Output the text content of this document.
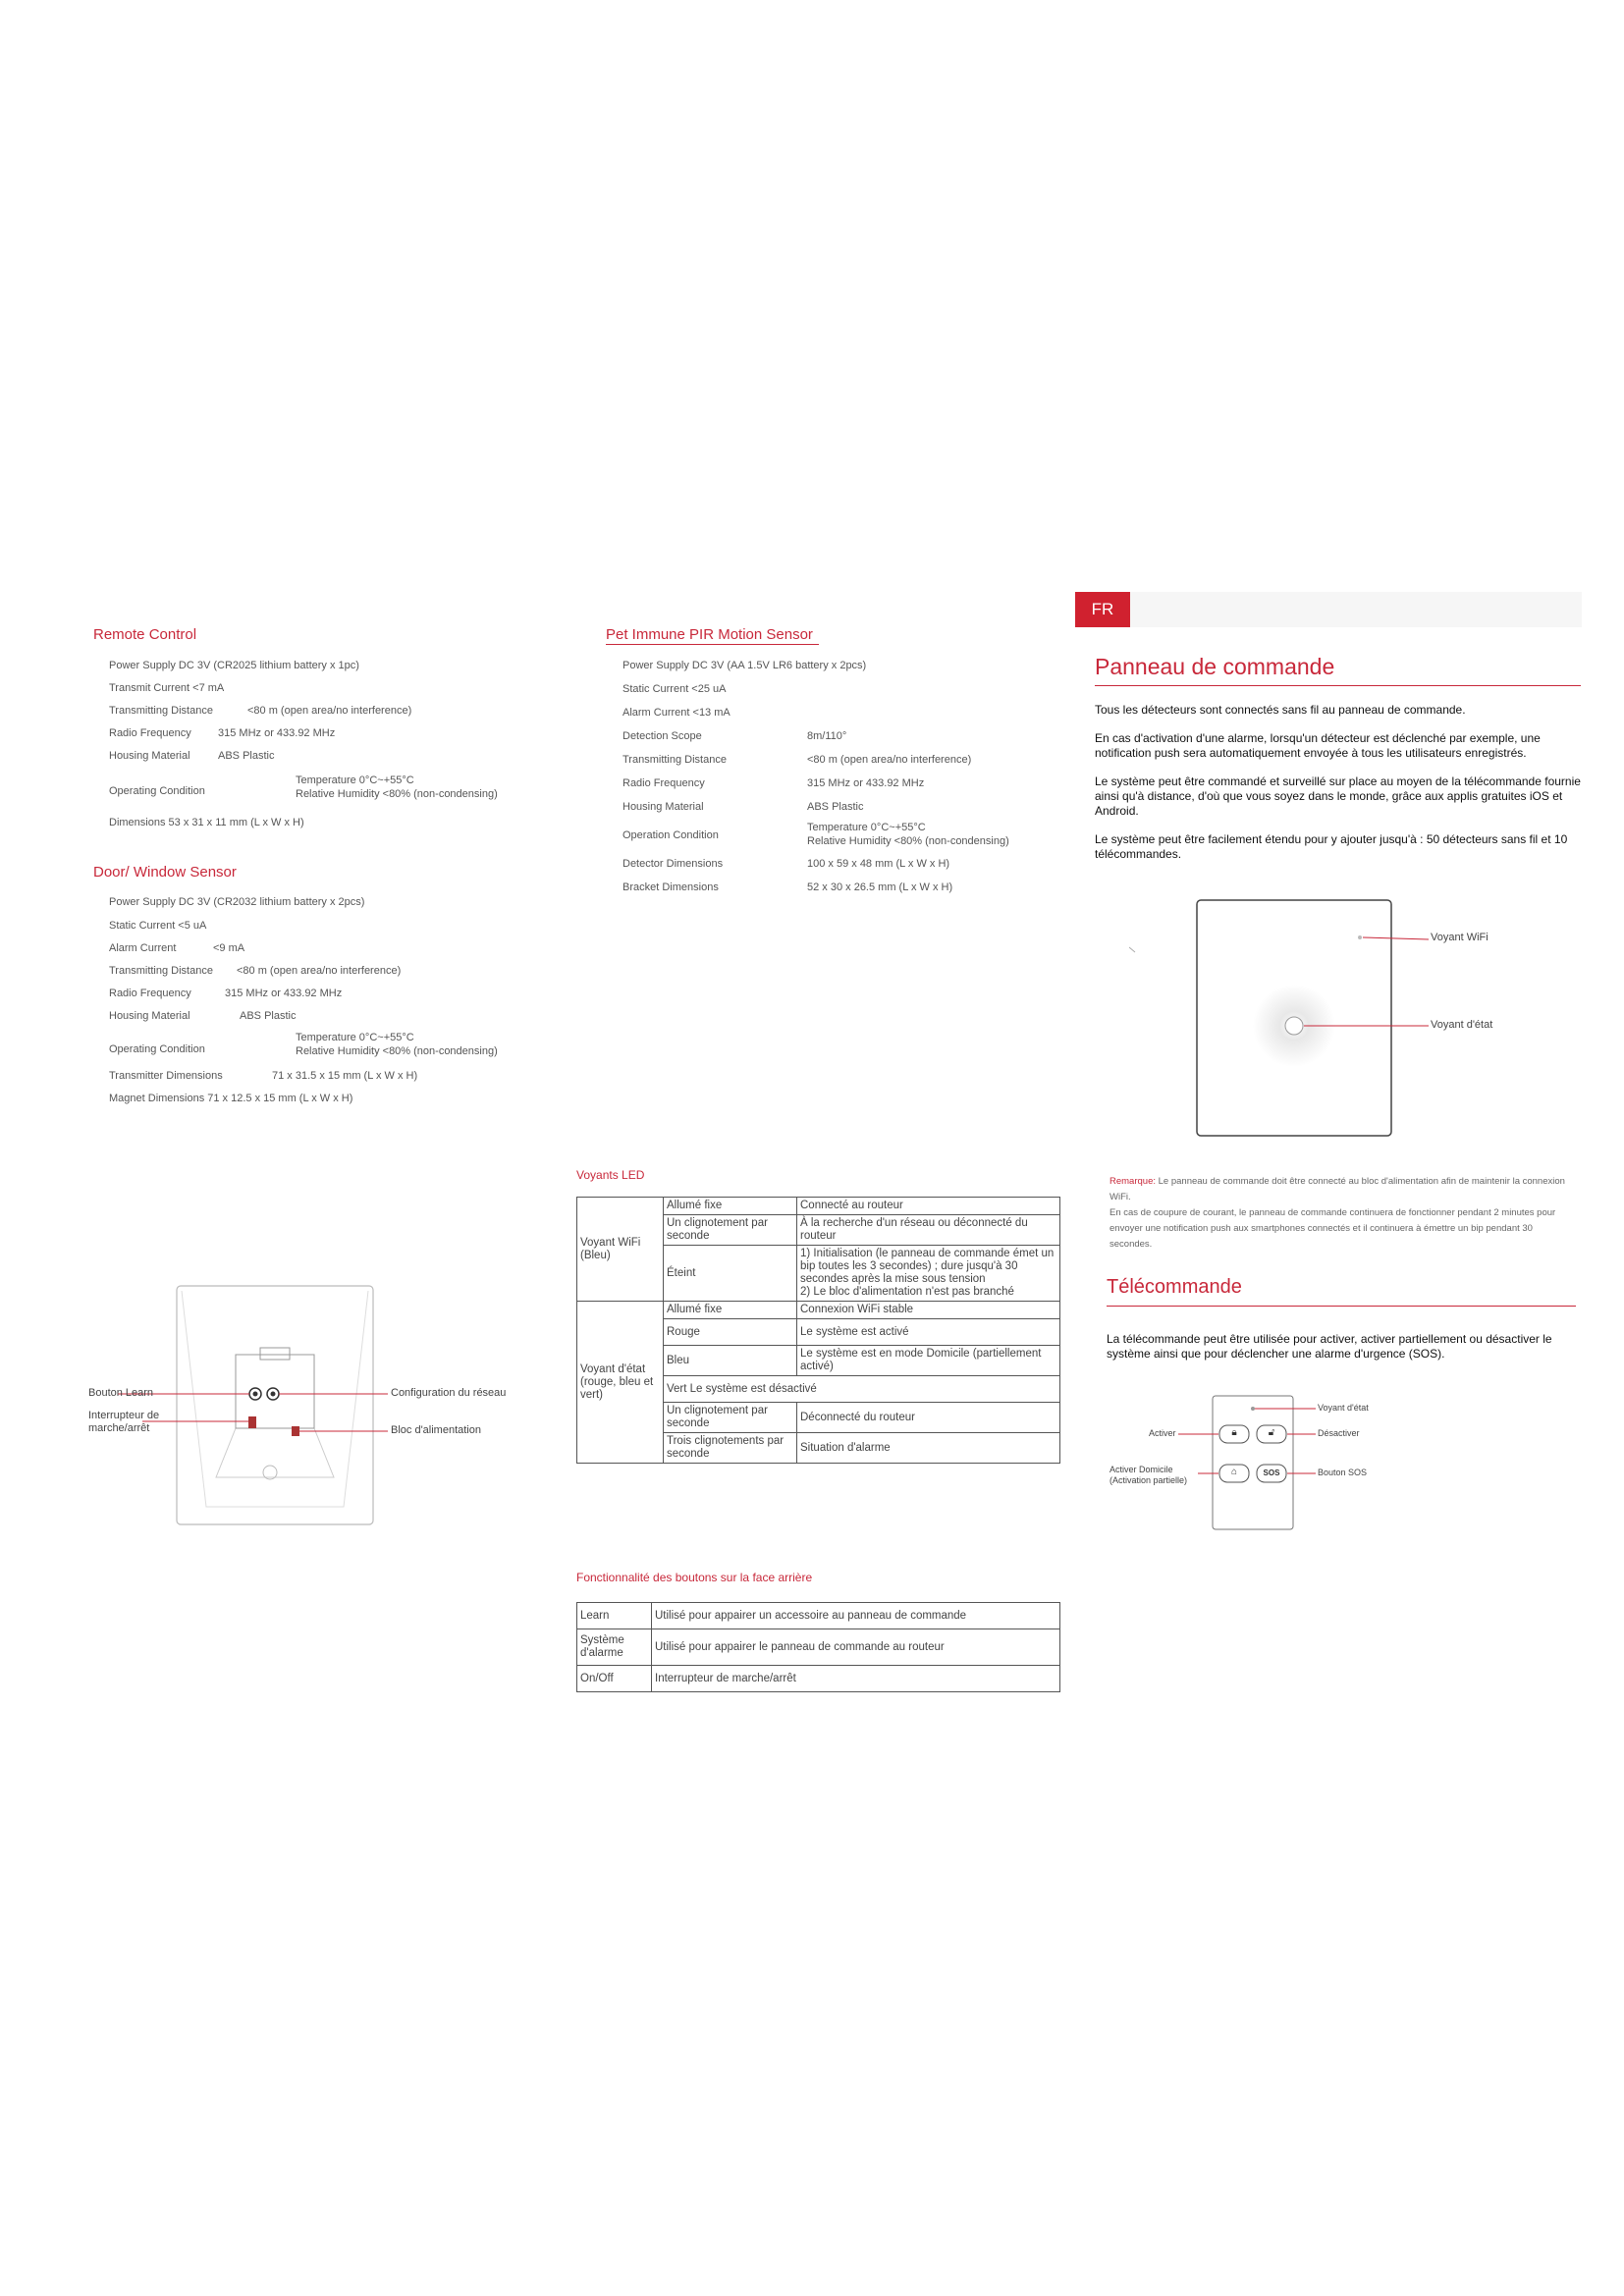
Remote Control
Power Supply DC 3V (CR2025 lithium battery x 1pc)
Transmit Current <7 mA
Transmitting Distance	<80 m (open area/no interference)
Radio Frequency 315 MHz or 433.92 MHz
Housing Material	ABS Plastic
Operating Condition
Temperature 0°C~+55°C
Relative Humidity <80% (non-condensing)
Dimensions 53 x 31 x 11 mm (L x W x H)
Door/ Window Sensor
Power Supply DC 3V (CR2032 lithium battery x 2pcs)
Static Current <5 uA
Alarm Current	<9 mA
Transmitting Distance <80 m (open area/no interference)
Radio Frequency	315 MHz or 433.92 MHz
Housing Material	ABS Plastic
Operating Condition
Temperature 0°C~+55°C
Relative Humidity <80% (non-condensing)
Transmitter Dimensions	71 x 31.5 x 15 mm (L x W x H)
Magnet Dimensions 71 x 12.5 x 15 mm (L x W x H)
Bouton Learn
Interrupteur de marche/arrêt
Configuration du réseau
Bloc d'alimentation
Pet Immune PIR Motion Sensor
Power Supply DC 3V (AA 1.5V LR6 battery x 2pcs)
Static Current <25 uA
Alarm Current <13 mA
Detection Scope	8m/110°
Transmitting Distance	<80 m (open area/no interference)
Radio Frequency	315 MHz or 433.92 MHz
Housing Material	ABS Plastic
Operation Condition
Temperature 0°C~+55°C
Relative Humidity <80% (non-condensing)
Detector Dimensions	100 x 59 x 48 mm (L x W x H)
Bracket Dimensions	52 x 30 x 26.5 mm (L x W x H)
Voyants LED
Voyant WiFi (Bleu)	Allumé fixe	Connecté au routeur
	Un clignotement par seconde	À la recherche d'un réseau ou déconnecté du routeur
	Éteint	1) Initialisation (le panneau de commande émet un bip toutes les 3 secondes) ; dure jusqu'à 30 secondes après la mise sous tension
2) Le bloc d'alimentation n'est pas branché
Voyant d'état (rouge, bleu et vert)	Allumé fixe	Connexion WiFi stable
	Rouge	Le système est activé
	Bleu	Le système est en mode Domicile (partiellement activé)
	Vert Le système est désactivé	
	Un clignotement par seconde	Déconnecté du routeur
	Trois clignotements par seconde	Situation d'alarme
Fonctionnalité des boutons sur la face arrière
Learn	Utilisé pour appairer un accessoire au panneau de commande
Système d'alarme	Utilisé pour appairer le panneau de commande au routeur
On/Off	Interrupteur de marche/arrêt
FR
Panneau de commande

Tous les détecteurs sont connectés sans fil au panneau de commande.

En cas d'activation d'une alarme, lorsqu'un détecteur est déclenché par exemple, une notification push sera automatiquement envoyée à tous les utilisateurs enregistrés.

Le système peut être commandé et surveillé sur place au moyen de la télécommande fournie ainsi qu'à distance, d'où que vous soyez dans le monde, grâce aux applis gratuites iOS et Android.

Le système peut être facilement étendu pour y ajouter jusqu'à : 50 détecteurs sans fil et 10 télécommandes.

Voyant WiFi
Voyant d'état
Remarque: Le panneau de commande doit être connecté au bloc d'alimentation afin de maintenir la connexion WiFi.
En cas de coupure de courant, le panneau de commande continuera de fonctionner pendant 2 minutes pour envoyer une notification push aux smartphones connectés et il continuera à émettre un bip pendant 30 secondes.
Télécommande
La télécommande peut être utilisée pour activer, activer partiellement ou désactiver le système ainsi que pour déclencher une alarme d'urgence (SOS).
🔒︎	🔓︎
⌂	SOS
Voyant d'état
Activer	Désactiver
Activer Domicile (Activation partielle)
Bouton SOS
